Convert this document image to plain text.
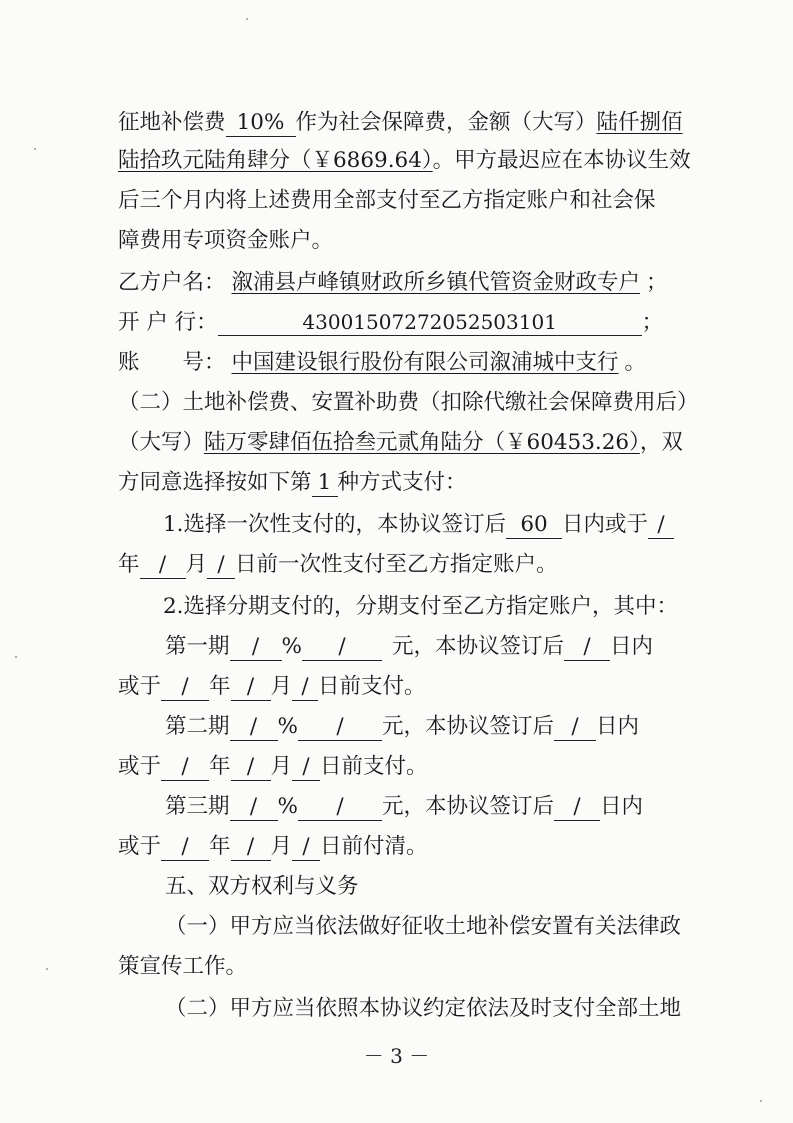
征地补偿费 10% 作为社会保障费，金额（大写）陆仟捌佰
陆拾玖元陆角肆分（￥6869.64）。甲方最迟应在本协议生效
后三个月内将上述费用全部支付至乙方指定账户和社会保
障费用专项资金账户。
乙方户名： 溆浦县卢峰镇财政所乡镇代管资金财政专户 ；
开 户 行：	43001507272052503101	；
账　　号： 中国建设银行股份有限公司溆浦城中支行 。
（二）土地补偿费、安置补助费（扣除代缴社会保障费用后）
（大写）陆万零肆佰伍拾叁元贰角陆分（￥60453.26），双
方同意选择按如下第 1 种方式支付：
1.选择一次性支付的，本协议签订后 60 日内或于 /
年 / 月 / 日前一次性支付至乙方指定账户。
2.选择分期支付的，分期支付至乙方指定账户，其中：
第一期 / % / 元，本协议签订后 / 日内
或于 / 年 / 月 / 日前支付。
第二期 / % / 元，本协议签订后 / 日内
或于 / 年 / 月 / 日前支付。
第三期 / % / 元，本协议签订后 / 日内
或于 / 年 / 月 / 日前付清。
五、双方权利与义务
（一）甲方应当依法做好征收土地补偿安置有关法律政
策宣传工作。
（二）甲方应当依照本协议约定依法及时支付全部土地
－ 3 －
